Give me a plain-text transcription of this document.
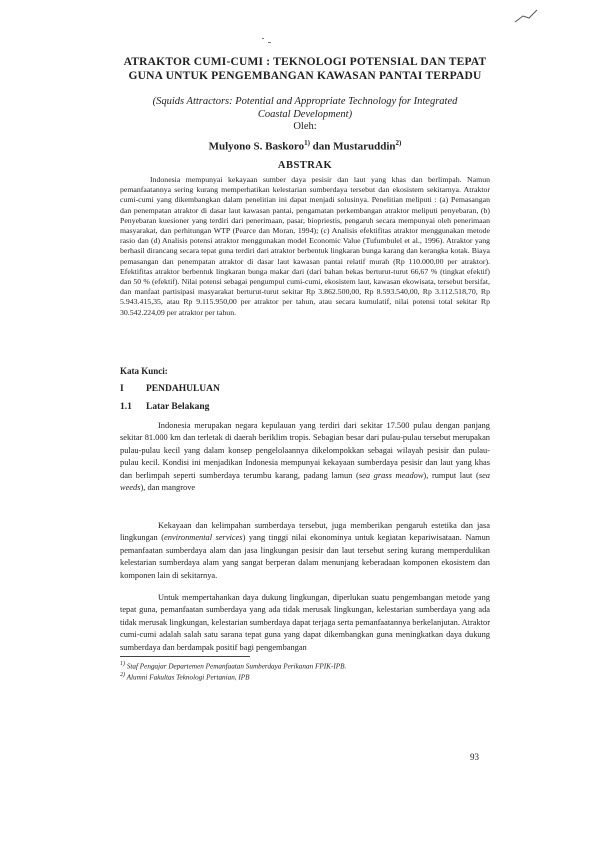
ATRAKTOR CUMI-CUMI : TEKNOLOGI POTENSIAL DAN TEPAT
GUNA UNTUK PENGEMBANGAN KAWASAN PANTAI TERPADU
(Squids Attractors: Potential and Appropriate Technology for Integrated
Coastal Development)
Oleh:
Mulyono S. Baskoro$^{1)}$ dan Mustaruddin$^{2)}$
ABSTRAK

Indonesia mempunyai kekayaan sumber daya pesisir dan laut yang khas dan berlimpah. Namun pemanfaatannya sering kurang memperhatikan kelestarian sumberdaya tersebut dan ekosistem sekitarnya. Atraktor cumi-cumi yang dikembangkan dalam penelitian ini dapat menjadi solusinya. Penelitian meliputi : (a) Pemasangan dan penempatan atraktor di dasar laut kawasan pantai, pengamatan perkembangan atraktor meliputi penyebaran, (b) Penyebaran kuesioner yang terdiri dari penerimaan, pasar, biopriestis, pengaruh secara mempunyai oleh penerimaan masyarakat, dan perhitungan WTP (Pearce dan Moran, 1994); (c) Analisis efektifitas atraktor menggunakan metode rasio dan (d) Analisis potensi atraktor menggunakan model Economic Value (Tufumbulel et al., 1996). Atraktor yang berhasil dirancang secara tepat guna terdiri dari atraktor berbentuk lingkaran bunga karang dan kerangka kotak. Biaya pemasangan dan penempatan atraktor di dasar laut kawasan pantai relatif murah (Rp 110.000,00 per atraktor). Efektifitas atraktor berbentuk lingkaran bunga makar dari (dari bahan bekas berturut-turut 66,67 % (tingkat efektif) dan 50 % (efektif). Nilai potensi sebagai pengumpul cumi-cumi, ekosistem laut, kawasan ekowisata, tersebut bersifat, dan manfaat partisipasi masyarakat berturut-turut sekitar Rp 3.862.500,00, Rp 8.593.540,00, Rp 3.112.518,70, Rp 5.943.415,35, atau Rp 9.115.950,00 per atraktor per tahun, atau secara kumulatif, nilai potensi total sekitar Rp 30.542.224,09 per atraktor per tahun.

Kata Kunci:
I PENDAHULUAN
1.1 Latar Belakang

Indonesia merupakan negara kepulauan yang terdiri dari sekitar 17.500 pulau dengan panjang sekitar 81.000 km dan terletak di daerah beriklim tropis. Sebagian besar dari pulau-pulau tersebut merupakan pulau-pulau kecil yang dalam konsep pengelolaannya dikelompokkan sebagai wilayah pesisir dan pulau-pulau kecil. Kondisi ini menjadikan Indonesia mempunyai kekayaan sumberdaya pesisir dan laut yang khas dan berlimpah seperti sumberdaya terumbu karang, padang lamun (sea grass meadow), rumput laut (sea weeds), dan mangrove

Kekayaan dan kelimpahan sumberdaya tersebut, juga memberikan pengaruh estetika dan jasa lingkungan (environmental services) yang tinggi nilai ekonominya untuk kegiatan kepariwisataan. Namun pemanfaatan sumberdaya alam dan jasa lingkungan pesisir dan laut tersebut sering kurang memperdulikan kelestarian sumberdaya alam yang sangat berperan dalam menunjang keberadaan komponen ekosistem dan komponen lain di sekitarnya.

Untuk mempertahankan daya dukung lingkungan, diperlukan suatu pengembangan metode yang tepat guna, pemanfaatan sumberdaya yang ada tidak merusak lingkungan, kelestarian sumberdaya yang ada tidak merusak lingkungan, kelestarian sumberdaya dapat terjaga serta pemanfaatannya berkelanjutan. Atraktor cumi-cumi adalah salah satu sarana tepat guna yang dapat dikembangkan guna meningkatkan daya dukung sumberdaya dan berdampak positif bagi pengembangan

$^{1)}$ Staf Pengajar Departemen Pemanfaatan Sumberdaya Perikanan FPIK-IPB.
$^{2)}$ Alumni Fakultas Teknologi Pertanian, IPB
93
